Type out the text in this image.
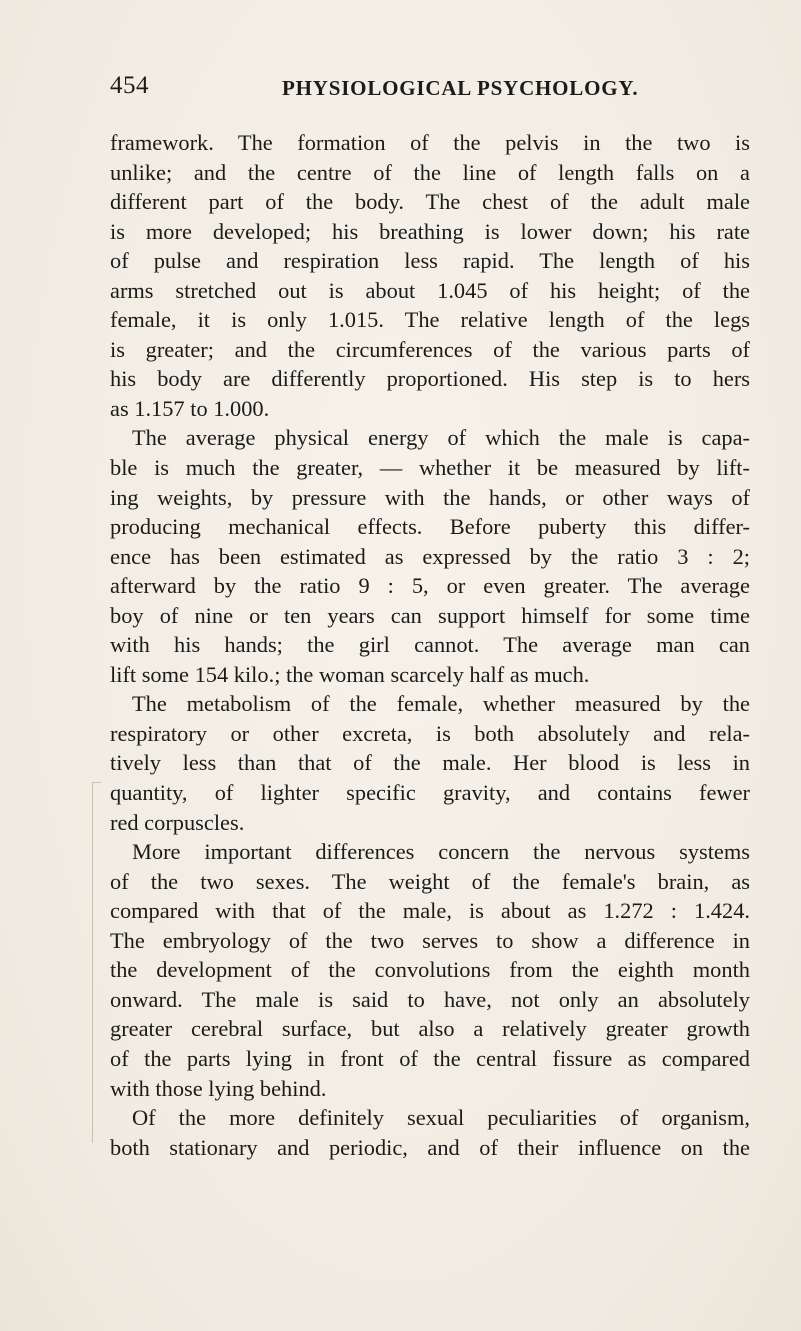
454	PHYSIOLOGICAL PSYCHOLOGY.
framework. The formation of the pelvis in the two is
unlike; and the centre of the line of length falls on a
different part of the body. The chest of the adult male
is more developed; his breathing is lower down; his rate
of pulse and respiration less rapid. The length of his
arms stretched out is about 1.045 of his height; of the
female, it is only 1.015. The relative length of the legs
is greater; and the circumferences of the various parts of
his body are differently proportioned. His step is to hers
as 1.157 to 1.000.
The average physical energy of which the male is capa-
ble is much the greater, — whether it be measured by lift-
ing weights, by pressure with the hands, or other ways of
producing mechanical effects. Before puberty this differ-
ence has been estimated as expressed by the ratio 3 : 2;
afterward by the ratio 9 : 5, or even greater. The average
boy of nine or ten years can support himself for some time
with his hands; the girl cannot. The average man can
lift some 154 kilo.; the woman scarcely half as much.
The metabolism of the female, whether measured by the
respiratory or other excreta, is both absolutely and rela-
tively less than that of the male. Her blood is less in
quantity, of lighter specific gravity, and contains fewer
red corpuscles.
More important differences concern the nervous systems
of the two sexes. The weight of the female's brain, as
compared with that of the male, is about as 1.272 : 1.424.
The embryology of the two serves to show a difference in
the development of the convolutions from the eighth month
onward. The male is said to have, not only an absolutely
greater cerebral surface, but also a relatively greater growth
of the parts lying in front of the central fissure as compared
with those lying behind.
Of the more definitely sexual peculiarities of organism,
both stationary and periodic, and of their influence on the
